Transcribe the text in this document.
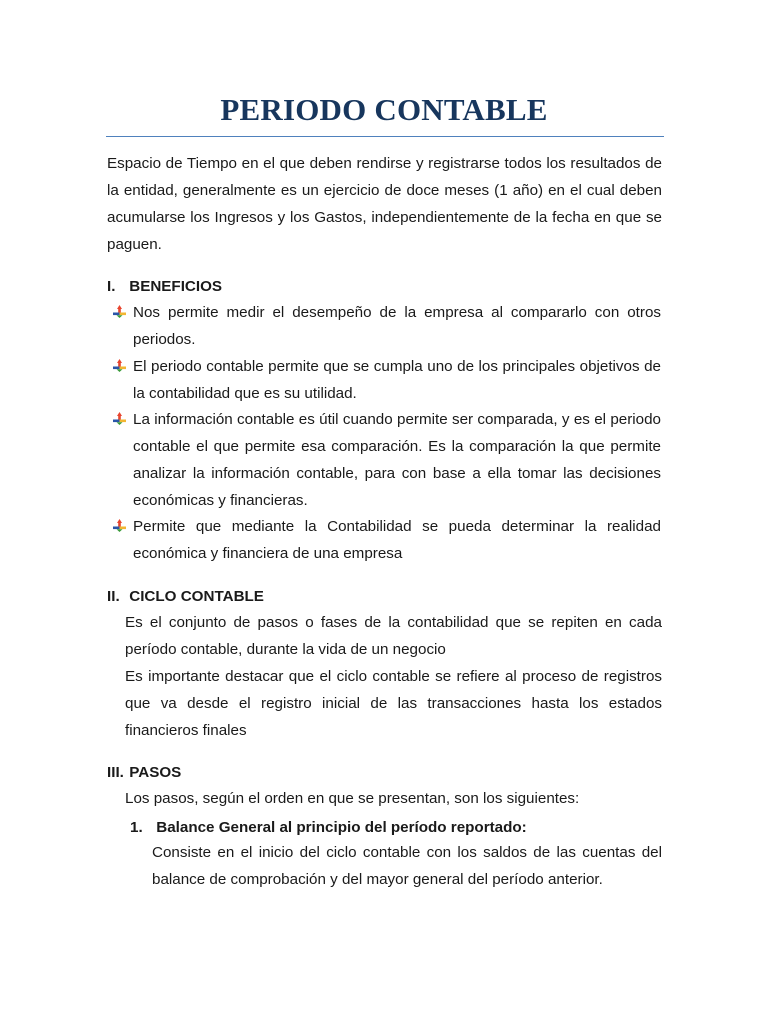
PERIODO CONTABLE

Espacio de Tiempo en el que deben rendirse y registrarse todos los resultados de la entidad, generalmente es un ejercicio de doce meses (1 año) en el cual deben acumularse los Ingresos y los Gastos, independientemente de la fecha en que se paguen.

I. BENEFICIOS

Nos permite medir el desempeño de la empresa al compararlo con otros periodos.

El periodo contable permite que se cumpla uno de los principales objetivos de la contabilidad que es su utilidad.

La información contable es útil cuando permite ser comparada, y es el periodo contable el que permite esa comparación. Es la comparación la que permite analizar la información contable, para con base a ella tomar las decisiones económicas y financieras.

Permite que mediante la Contabilidad se pueda determinar la realidad económica y financiera de una empresa

II. CICLO CONTABLE

Es el conjunto de pasos o fases de la contabilidad que se repiten en cada período contable, durante la vida de un negocio

Es importante destacar que el ciclo contable se refiere al proceso de registros que va desde el registro inicial de las transacciones hasta los estados financieros finales

III. PASOS

Los pasos, según el orden en que se presentan, son los siguientes:

1. Balance General al principio del período reportado:

Consiste en el inicio del ciclo contable con los saldos de las cuentas del balance de comprobación y del mayor general del período anterior.
